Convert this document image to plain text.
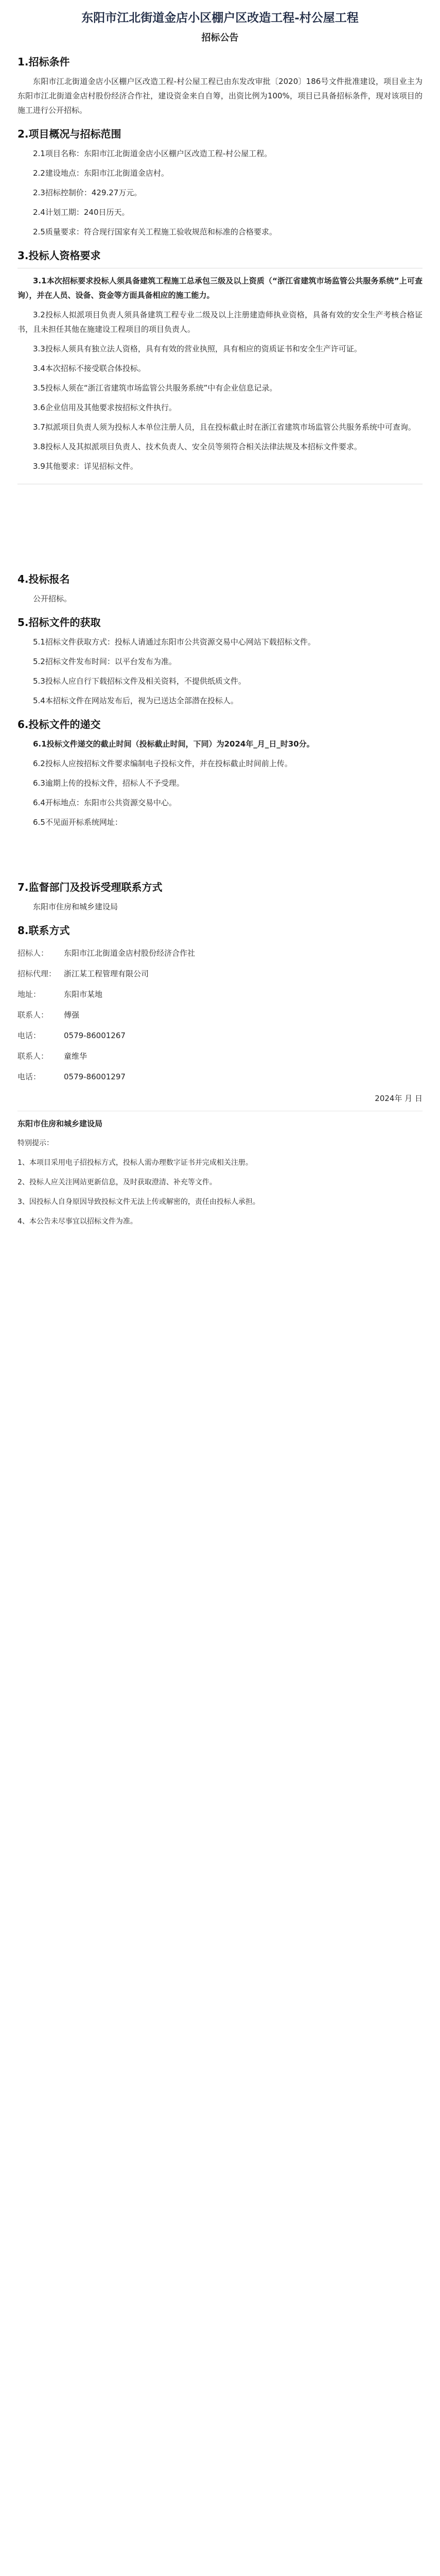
东阳市江北街道金店小区棚户区改造工程-村公屋工程
招标公告
1.招标条件

东阳市江北街道金店小区棚户区改造工程-村公屋工程已由东发改审批〔2020〕186号文件批准建设，项目业主为东阳市江北街道金店村股份经济合作社，建设资金来自自筹，出资比例为100%，项目已具备招标条件，现对该项目的施工进行公开招标。

2.项目概况与招标范围

2.1项目名称：东阳市江北街道金店小区棚户区改造工程-村公屋工程。

2.2建设地点：东阳市江北街道金店村。

2.3招标控制价：429.27万元。

2.4计划工期：240日历天。

2.5质量要求：符合现行国家有关工程施工验收规范和标准的合格要求。

3.投标人资格要求

3.1本次招标要求投标人须具备建筑工程施工总承包三级及以上资质（“浙江省建筑市场监管公共服务系统”上可查询），并在人员、设备、资金等方面具备相应的施工能力。

3.2投标人拟派项目负责人须具备建筑工程专业二级及以上注册建造师执业资格，具备有效的安全生产考核合格证书，且未担任其他在施建设工程项目的项目负责人。

3.3投标人须具有独立法人资格，具有有效的营业执照，具有相应的资质证书和安全生产许可证。

3.4本次招标不接受联合体投标。

3.5投标人须在“浙江省建筑市场监管公共服务系统”中有企业信息记录。

3.6企业信用及其他要求按招标文件执行。

3.7拟派项目负责人须为投标人本单位注册人员，且在投标截止时在浙江省建筑市场监管公共服务系统中可查询。

3.8投标人及其拟派项目负责人、技术负责人、安全员等须符合相关法律法规及本招标文件要求。

3.9其他要求：详见招标文件。

4.投标报名

公开招标。

5.招标文件的获取

5.1招标文件获取方式：投标人请通过东阳市公共资源交易中心网站下载招标文件。

5.2招标文件发布时间：以平台发布为准。

5.3投标人应自行下载招标文件及相关资料，不提供纸质文件。

5.4本招标文件在网站发布后，视为已送达全部潜在投标人。

6.投标文件的递交

6.1投标文件递交的截止时间（投标截止时间，下同）为2024年_月_日_时30分。

6.2投标人应按招标文件要求编制电子投标文件，并在投标截止时间前上传。

6.3逾期上传的投标文件，招标人不予受理。

6.4开标地点：东阳市公共资源交易中心。

6.5不见面开标系统网址：

7.监督部门及投诉受理联系方式

东阳市住房和城乡建设局

8.联系方式
招标人：	东阳市江北街道金店村股份经济合作社
招标代理：	浙江某工程管理有限公司
地址：	东阳市某地
联系人：	傅强
电话：	0579-86001267
联系人：	童维华
电话：	0579-86001297

2024年 月 日

东阳市住房和城乡建设局

特别提示：

1、本项目采用电子招投标方式，投标人需办理数字证书并完成相关注册。

2、投标人应关注网站更新信息，及时获取澄清、补充等文件。

3、因投标人自身原因导致投标文件无法上传或解密的，责任由投标人承担。

4、本公告未尽事宜以招标文件为准。
